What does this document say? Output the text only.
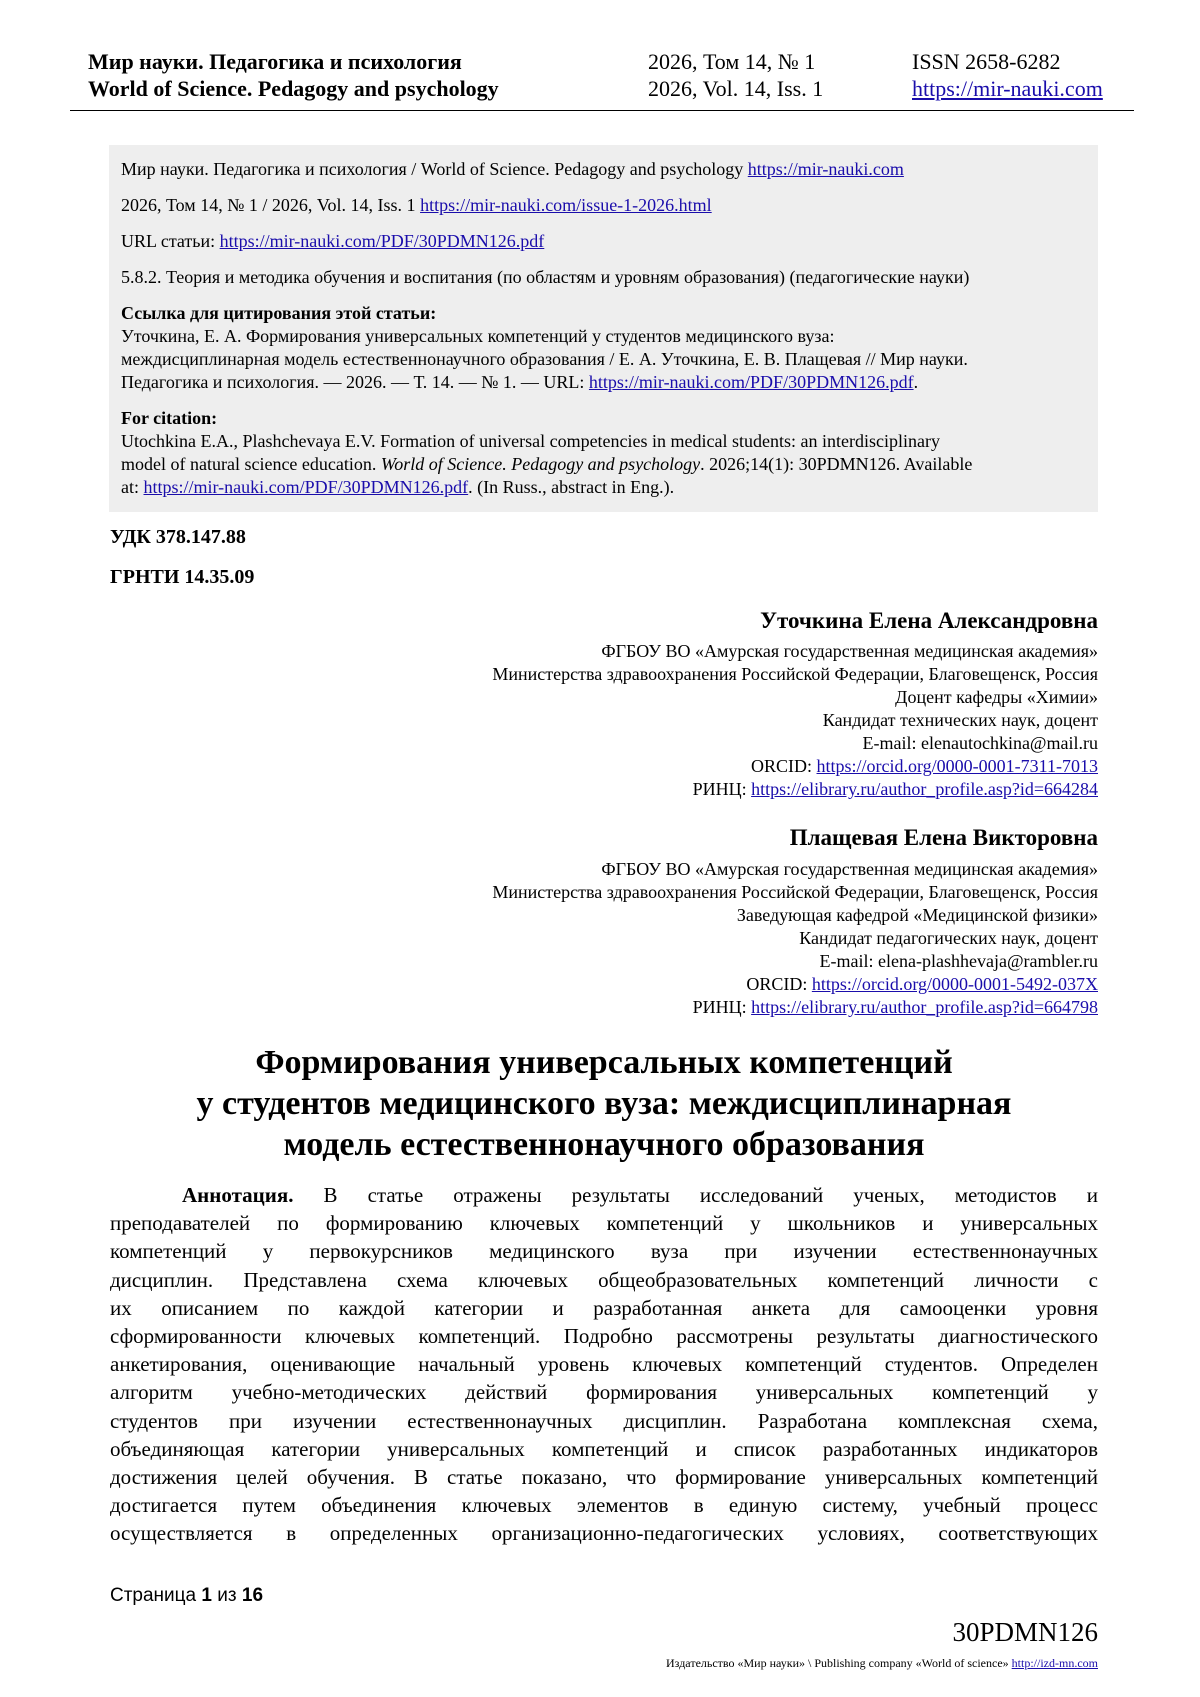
Мир науки. Педагогика и психология	2026, Том 14, № 1	ISSN 2658-6282
World of Science. Pedagogy and psychology	2026, Vol. 14, Iss. 1	https://mir-nauki.com
Мир науки. Педагогика и психология / World of Science. Pedagogy and psychology https://mir-nauki.com
2026, Том 14, № 1 / 2026, Vol. 14, Iss. 1 https://mir-nauki.com/issue-1-2026.html
URL статьи: https://mir-nauki.com/PDF/30PDMN126.pdf
5.8.2. Теория и методика обучения и воспитания (по областям и уровням образования) (педагогические науки)
Ссылка для цитирования этой статьи:
Уточкина, Е. А. Формирования универсальных компетенций у студентов медицинского вуза:
междисциплинарная модель естественнонаучного образования / Е. А. Уточкина, Е. В. Плащевая // Мир науки.
Педагогика и психология. — 2026. — Т. 14. — № 1. — URL: https://mir-nauki.com/PDF/30PDMN126.pdf.
For citation:
Utochkina E.A., Plashchevaya E.V. Formation of universal competencies in medical students: an interdisciplinary
model of natural science education. World of Science. Pedagogy and psychology. 2026;14(1): 30PDMN126. Available
at: https://mir-nauki.com/PDF/30PDMN126.pdf. (In Russ., abstract in Eng.).
УДК 378.147.88
ГРНТИ 14.35.09
Уточкина Елена Александровна
ФГБОУ ВО «Амурская государственная медицинская академия»
Министерства здравоохранения Российской Федерации, Благовещенск, Россия
Доцент кафедры «Химии»
Кандидат технических наук, доцент
E-mail: elenautochkina@mail.ru
ORCID: https://orcid.org/0000-0001-7311-7013
РИНЦ: https://elibrary.ru/author_profile.asp?id=664284
Плащевая Елена Викторовна
ФГБОУ ВО «Амурская государственная медицинская академия»
Министерства здравоохранения Российской Федерации, Благовещенск, Россия
Заведующая кафедрой «Медицинской физики»
Кандидат педагогических наук, доцент
E-mail: elena-plashhevaja@rambler.ru
ORCID: https://orcid.org/0000-0001-5492-037X
РИНЦ: https://elibrary.ru/author_profile.asp?id=664798
Формирования универсальных компетенций
у студентов медицинского вуза: междисциплинарная
модель естественнонаучного образования
Аннотация. В статье отражены результаты исследований ученых, методистов и
преподавателей по формированию ключевых компетенций у школьников и универсальных
компетенций у первокурсников медицинского вуза при изучении естественнонаучных
дисциплин. Представлена схема ключевых общеобразовательных компетенций личности с
их описанием по каждой категории и разработанная анкета для самооценки уровня
сформированности ключевых компетенций. Подробно рассмотрены результаты диагностического
анкетирования, оценивающие начальный уровень ключевых компетенций студентов. Определен
алгоритм учебно-методических действий формирования универсальных компетенций у
студентов при изучении естественнонаучных дисциплин. Разработана комплексная схема,
объединяющая категории универсальных компетенций и список разработанных индикаторов
достижения целей обучения. В статье показано, что формирование универсальных компетенций
достигается путем объединения ключевых элементов в единую систему, учебный процесс
осуществляется в определенных организационно-педагогических условиях, соответствующих
Страница 1 из 16
30PDMN126
Издательство «Мир науки» \ Publishing company «World of science» http://izd-mn.com
